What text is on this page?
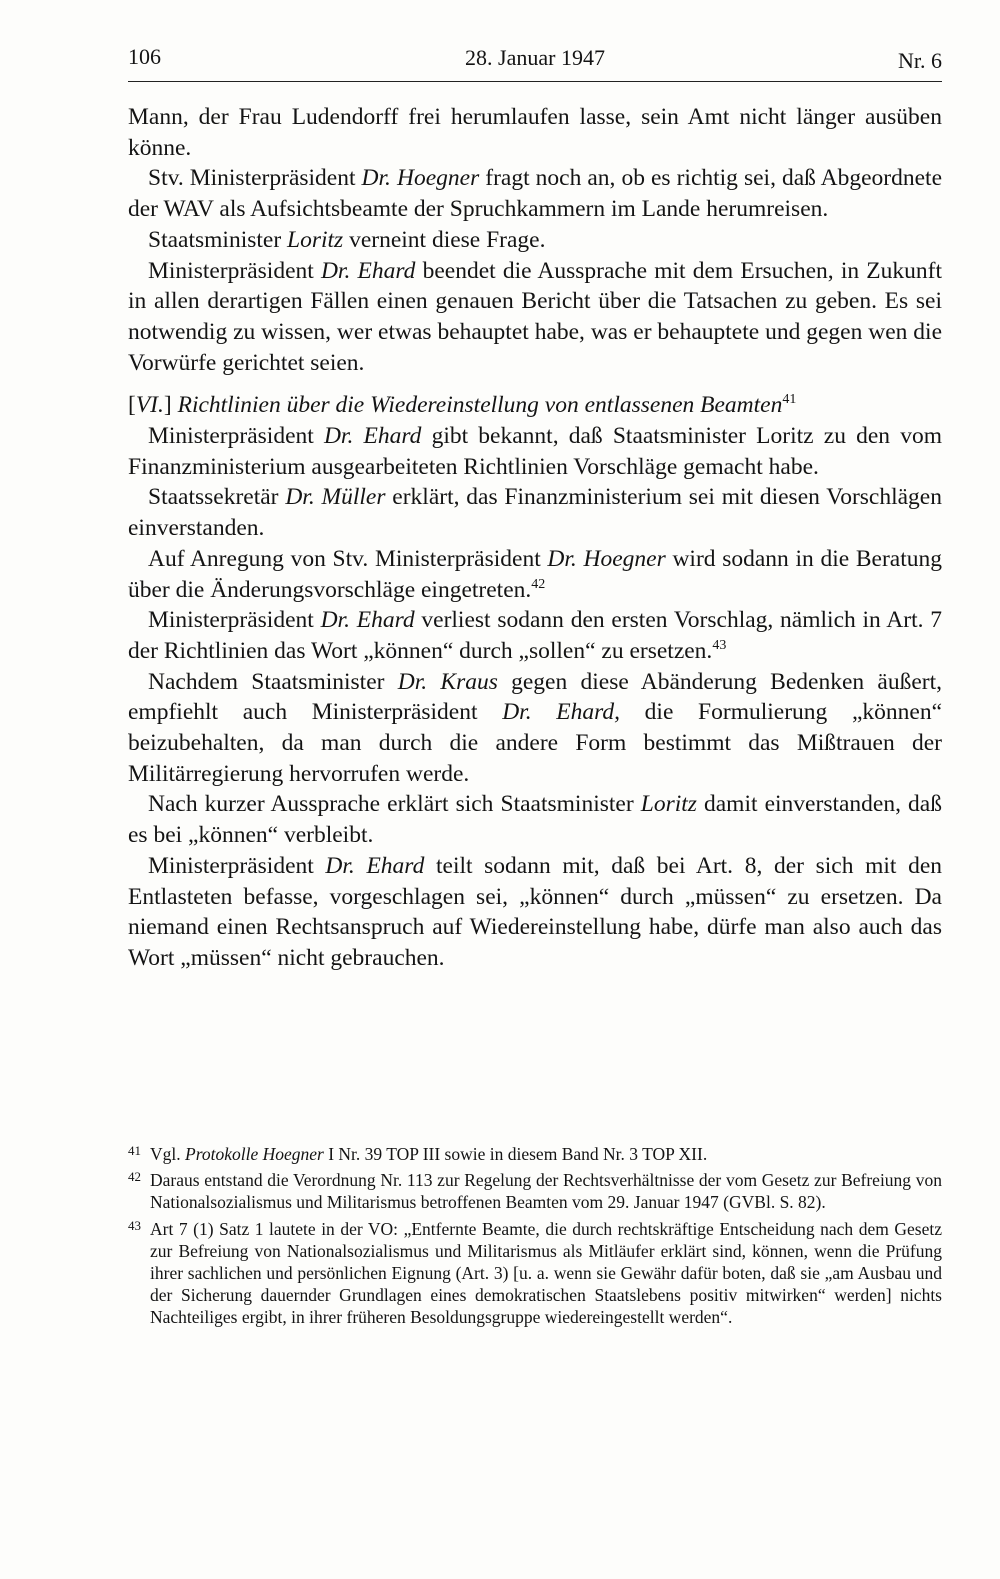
106	28. Januar 1947	Nr. 6

Mann, der Frau Ludendorff frei herumlaufen lasse, sein Amt nicht länger ausüben könne.

Stv. Ministerpräsident Dr. Hoegner fragt noch an, ob es richtig sei, daß Abgeordnete der WAV als Aufsichtsbeamte der Spruchkammern im Lande herumreisen.

Staatsminister Loritz verneint diese Frage.

Ministerpräsident Dr. Ehard beendet die Aussprache mit dem Ersuchen, in Zukunft in allen derartigen Fällen einen genauen Bericht über die Tatsachen zu geben. Es sei notwendig zu wissen, wer etwas behauptet habe, was er behauptete und gegen wen die Vorwürfe gerichtet seien.

[VI.] Richtlinien über die Wiedereinstellung von entlassenen Beamten$^{41}$

Ministerpräsident Dr. Ehard gibt bekannt, daß Staatsminister Loritz zu den vom Finanzministerium ausgearbeiteten Richtlinien Vorschläge gemacht habe.

Staatssekretär Dr. Müller erklärt, das Finanzministerium sei mit diesen Vorschlägen einverstanden.

Auf Anregung von Stv. Ministerpräsident Dr. Hoegner wird sodann in die Beratung über die Änderungsvorschläge eingetreten.$^{42}$

Ministerpräsident Dr. Ehard verliest sodann den ersten Vorschlag, nämlich in Art. 7 der Richtlinien das Wort „können“ durch „sollen“ zu ersetzen.$^{43}$

Nachdem Staatsminister Dr. Kraus gegen diese Abänderung Bedenken äußert, empfiehlt auch Ministerpräsident Dr. Ehard, die Formulierung „können“ beizubehalten, da man durch die andere Form bestimmt das Mißtrauen der Militärregierung hervorrufen werde.

Nach kurzer Aussprache erklärt sich Staatsminister Loritz damit einverstanden, daß es bei „können“ verbleibt.

Ministerpräsident Dr. Ehard teilt sodann mit, daß bei Art. 8, der sich mit den Entlasteten befasse, vorgeschlagen sei, „können“ durch „müssen“ zu ersetzen. Da niemand einen Rechtsanspruch auf Wiedereinstellung habe, dürfe man also auch das Wort „müssen“ nicht gebrauchen.

41 Vgl. Protokolle Hoegner I Nr. 39 TOP III sowie in diesem Band Nr. 3 TOP XII.
42 Daraus entstand die Verordnung Nr. 113 zur Regelung der Rechtsverhältnisse der vom Gesetz zur Befreiung von Nationalsozialismus und Militarismus betroffenen Beamten vom 29. Januar 1947 (GVBl. S. 82).
43 Art 7 (1) Satz 1 lautete in der VO: „Entfernte Beamte, die durch rechtskräftige Entscheidung nach dem Gesetz zur Befreiung von Nationalsozialismus und Militarismus als Mitläufer erklärt sind, können, wenn die Prüfung ihrer sachlichen und persönlichen Eignung (Art. 3) [u. a. wenn sie Gewähr dafür boten, daß sie „am Ausbau und der Sicherung dauernder Grundlagen eines demokratischen Staatslebens positiv mitwirken“ werden] nichts Nachteiliges ergibt, in ihrer früheren Besoldungsgruppe wiedereingestellt werden“.
